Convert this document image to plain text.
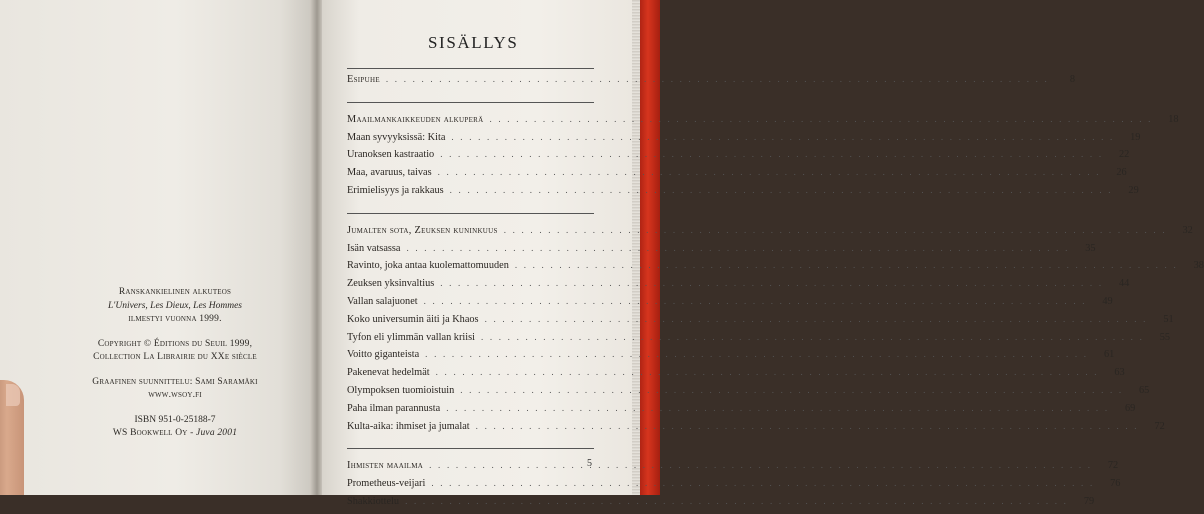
Ranskankielinen alkuteos
L'Univers, Les Dieux, Les Hommes
ilmestyi vuonna 1999.
Copyright © Éditions du Seuil 1999,
Collection La Librairie du XXe siècle
Graafinen suunnittelu: Sami Saramäki
www.wsoy.fi
ISBN 951-0-25188-7
WS Bookwell Oy - Juva 2001
SISÄLLYS
Esipuhe . . .	8
Maailmankaikkeuden alkuperä . . .	18
Maan syvyyksissä: Kita . . .	19
Uranoksen kastraatio . . .	22
Maa, avaruus, taivas . . .	26
Erimielisyys ja rakkaus . . .	29
Jumalten sota, Zeuksen kuninkuus . . .	32
Isän vatsassa . . .	35
Ravinto, joka antaa kuolemattomuuden . . .	38
Zeuksen yksinvaltius . . .	44
Vallan salajuonet . . .	49
Koko universumin äiti ja Khaos . . .	51
Tyfon eli ylimmän vallan kriisi . . .	55
Voitto giganteista . . .	61
Pakenevat hedelmät . . .	63
Olympoksen tuomioistuin . . .	65
Paha ilman parannusta . . .	69
Kulta-aika: ihmiset ja jumalat . . .	72
Ihmisten maailma . . .	72
Prometheus-veijari . . .	76
Shakkiottelu . . .	79
5
